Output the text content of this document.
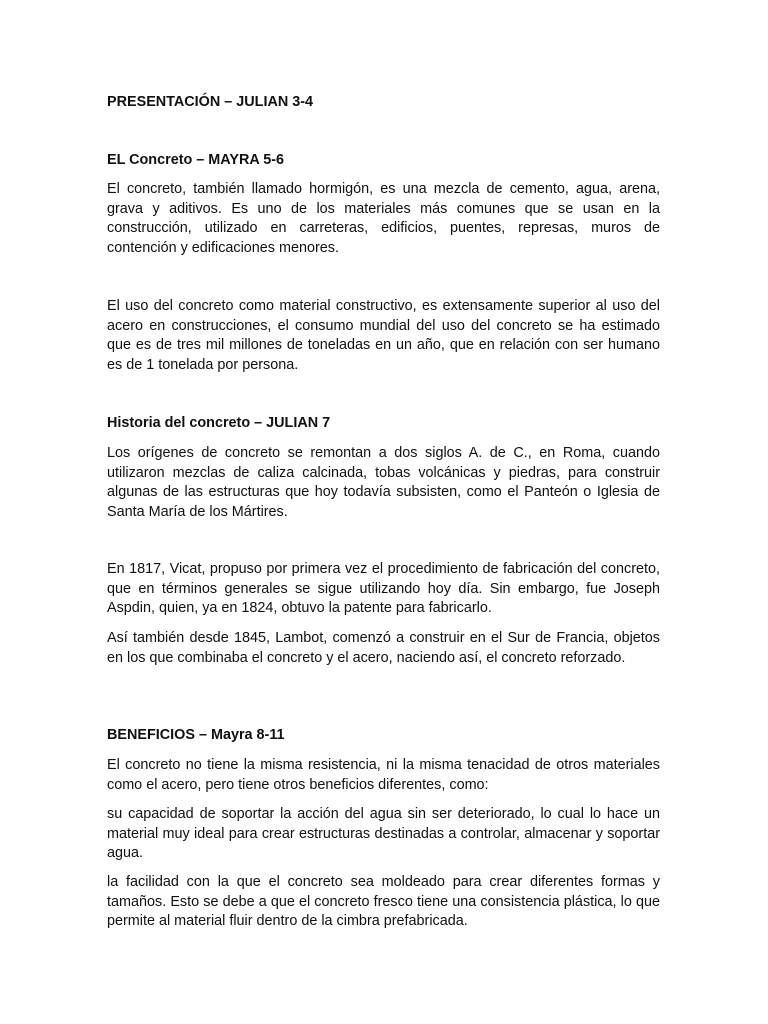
PRESENTACIÓN – JULIAN 3-4
EL Concreto – MAYRA 5-6

El concreto, también llamado hormigón, es una mezcla de cemento, agua, arena, grava y aditivos. Es uno de los materiales más comunes que se usan en la construcción, utilizado en carreteras, edificios, puentes, represas, muros de contención y edificaciones menores.

El uso del concreto como material constructivo, es extensamente superior al uso del acero en construcciones, el consumo mundial del uso del concreto se ha estimado que es de tres mil millones de toneladas en un año, que en relación con ser humano es de 1 tonelada por persona.

Historia del concreto – JULIAN 7

Los orígenes de concreto se remontan a dos siglos A. de C., en Roma, cuando utilizaron mezclas de caliza calcinada, tobas volcánicas y piedras, para construir algunas de las estructuras que hoy todavía subsisten, como el Panteón o Iglesia de Santa María de los Mártires.

En 1817, Vicat, propuso por primera vez el procedimiento de fabricación del concreto, que en términos generales se sigue utilizando hoy día. Sin embargo, fue Joseph Aspdin, quien, ya en 1824, obtuvo la patente para fabricarlo.

Así también desde 1845, Lambot, comenzó a construir en el Sur de Francia, objetos en los que combinaba el concreto y el acero, naciendo así, el concreto reforzado.

BENEFICIOS – Mayra 8-11

El concreto no tiene la misma resistencia, ni la misma tenacidad de otros materiales como el acero, pero tiene otros beneficios diferentes, como:

su capacidad de soportar la acción del agua sin ser deteriorado, lo cual lo hace un material muy ideal para crear estructuras destinadas a controlar, almacenar y soportar agua.

la facilidad con la que el concreto sea moldeado para crear diferentes formas y tamaños. Esto se debe a que el concreto fresco tiene una consistencia plástica, lo que permite al material fluir dentro de la cimbra prefabricada.
